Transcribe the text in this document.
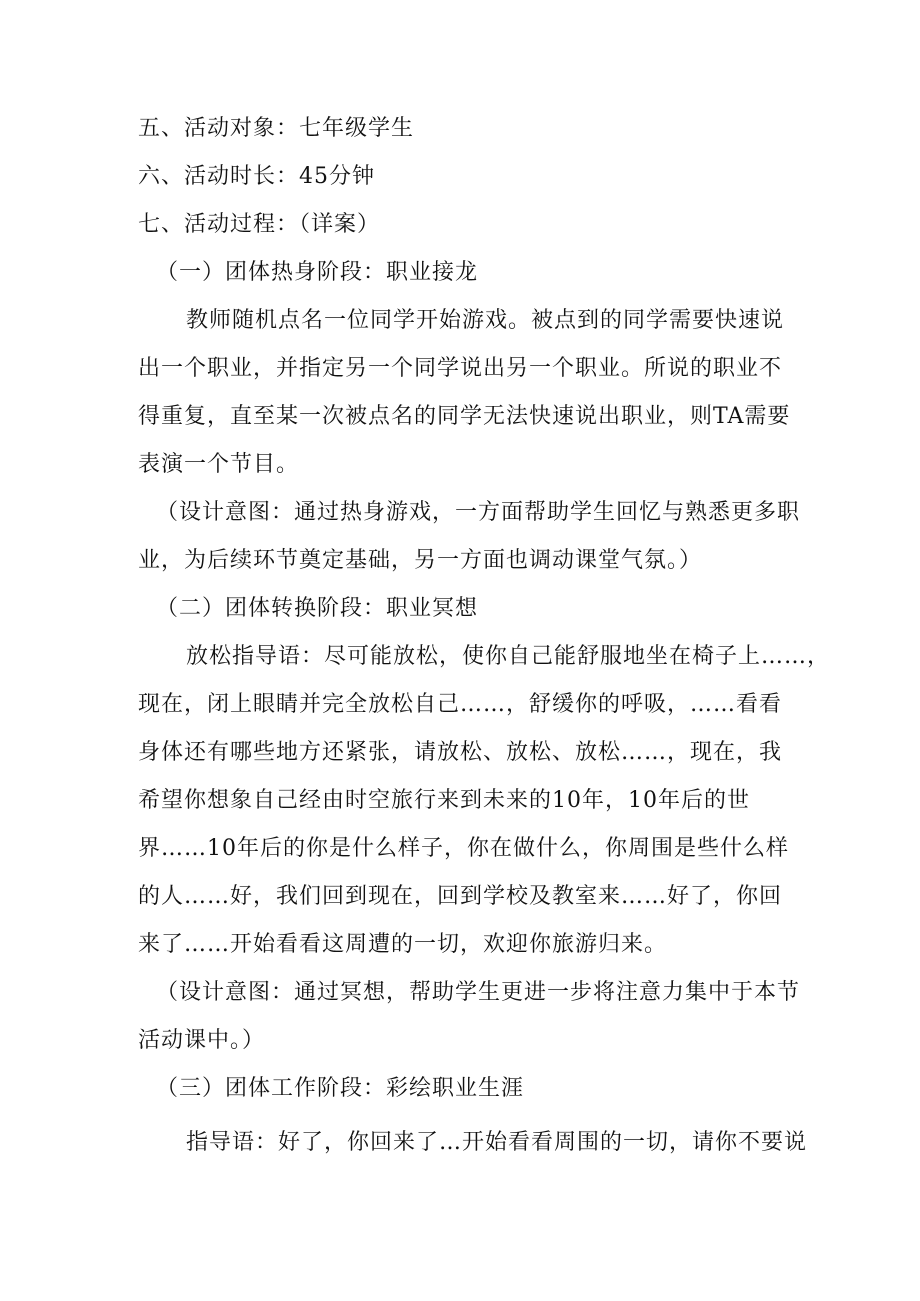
五、活动对象：七年级学生
六、活动时长：45分钟
七、活动过程：（详案）
（一）团体热身阶段：职业接龙
教师随机点名一位同学开始游戏。被点到的同学需要快速说
出一个职业，并指定另一个同学说出另一个职业。所说的职业不
得重复，直至某一次被点名的同学无法快速说出职业，则TA需要
表演一个节目。
（设计意图：通过热身游戏，一方面帮助学生回忆与熟悉更多职
业，为后续环节奠定基础，另一方面也调动课堂气氛。）
（二）团体转换阶段：职业冥想
放松指导语：尽可能放松，使你自己能舒服地坐在椅子上……，
现在，闭上眼睛并完全放松自己……，舒缓你的呼吸，……看看
身体还有哪些地方还紧张，请放松、放松、放松……，现在，我
希望你想象自己经由时空旅行来到未来的10年，10年后的世
界……10年后的你是什么样子，你在做什么，你周围是些什么样
的人……好，我们回到现在，回到学校及教室来……好了，你回
来了……开始看看这周遭的一切，欢迎你旅游归来。
（设计意图：通过冥想，帮助学生更进一步将注意力集中于本节
活动课中。）
（三）团体工作阶段：彩绘职业生涯
指导语：好了，你回来了…开始看看周围的一切，请你不要说
